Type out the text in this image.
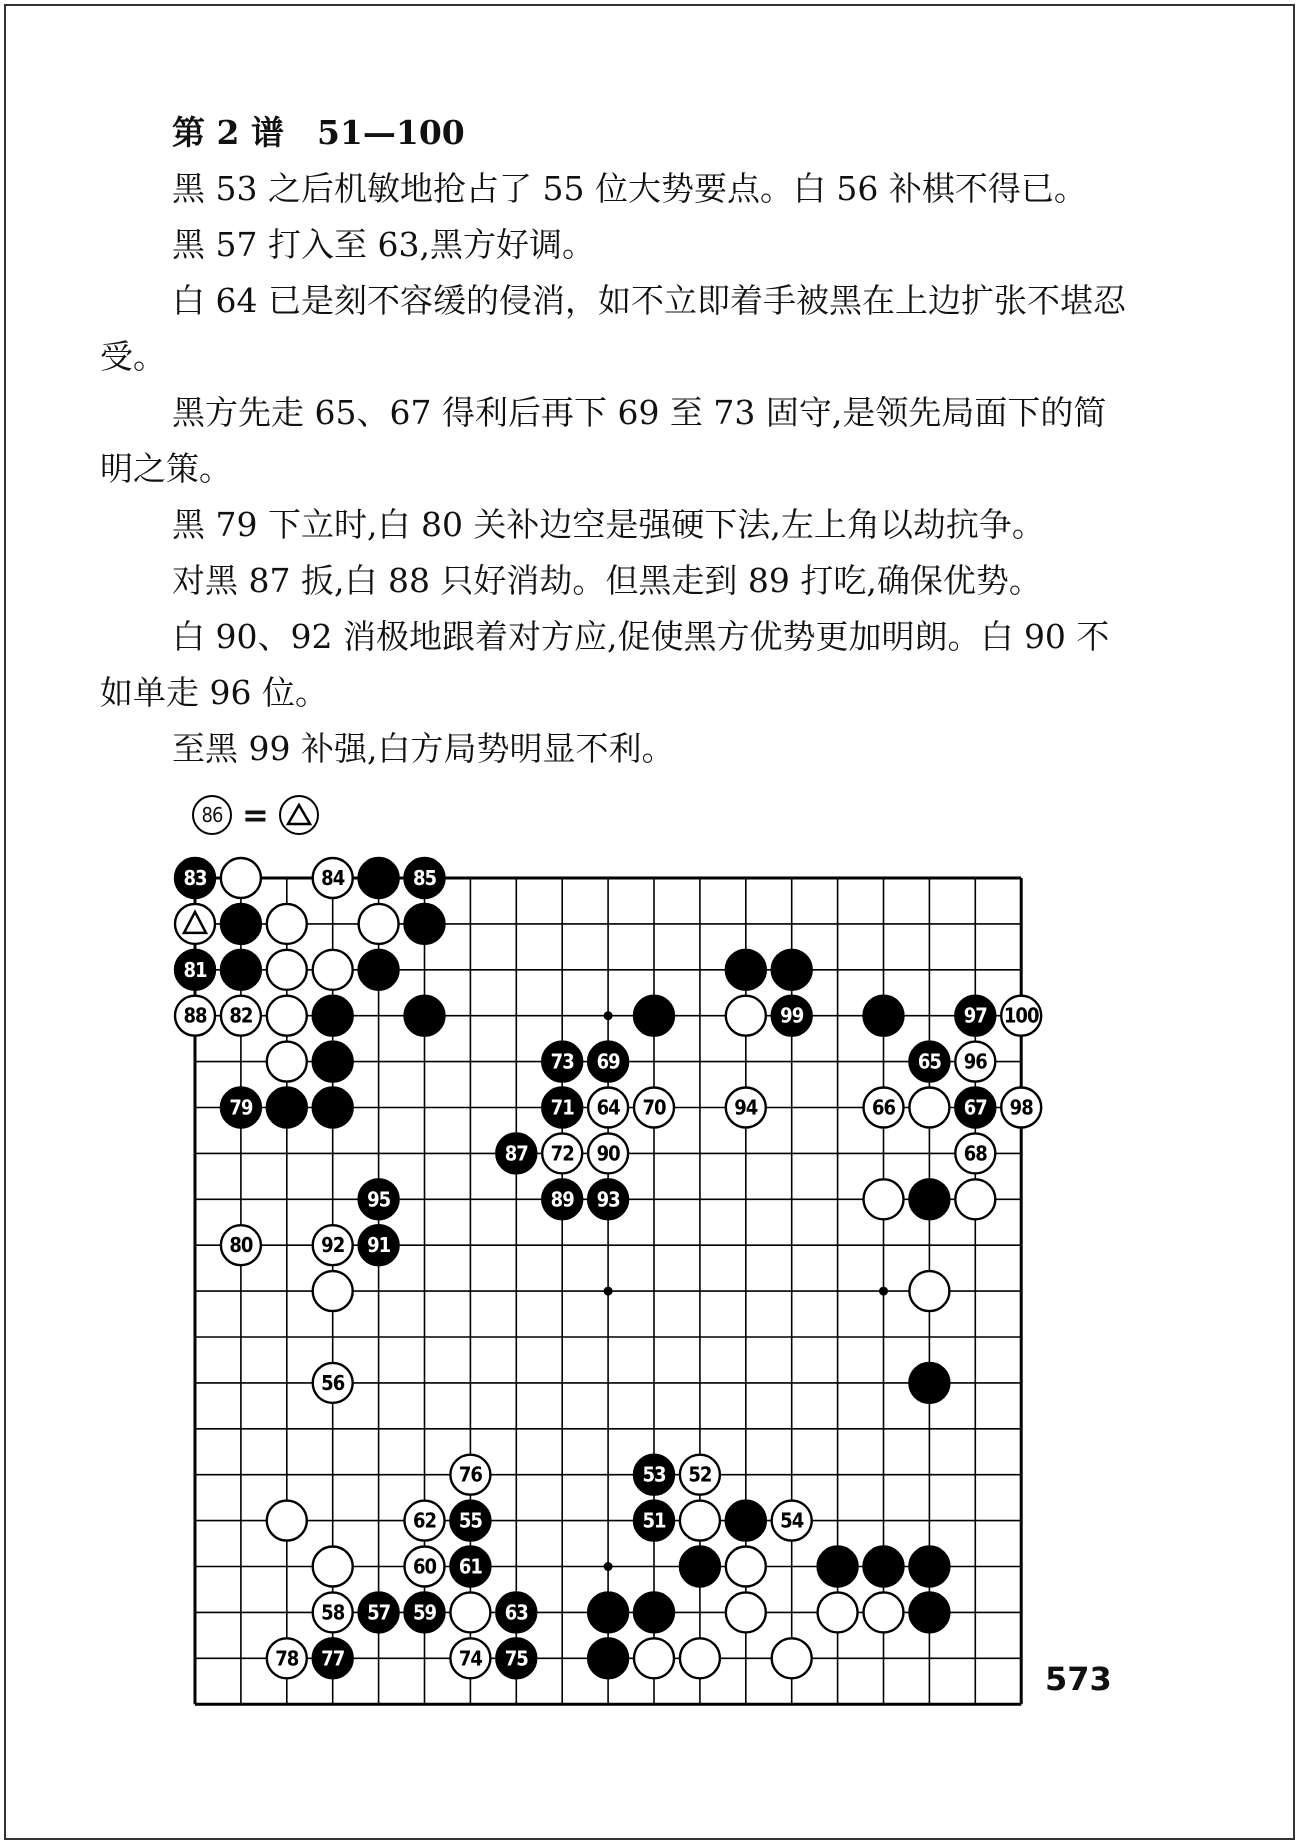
第 2 谱　51—100

黑 53 之后机敏地抢占了 55 位大势要点。白 56 补棋不得已。

黑 57 打入至 63,黑方好调。

白 64 已是刻不容缓的侵消，如不立即着手被黑在上边扩张不堪忍受。

黑方先走 65、67 得利后再下 69 至 73 固守,是领先局面下的简明之策。

黑 79 下立时,白 80 关补边空是强硬下法,左上角以劫抗争。

对黑 87 扳,白 88 只好消劫。但黑走到 89 打吃,确保优势。

白 90、92 消极地跟着对方应,促使黑方优势更加明朗。白 90 不如单走 96 位。

至黑 99 补强,白方局势明显不利。

86 =
83	84	85
81
88 82	99	97 100
73 69	65 96
79	71 64 70	94	66	67 98
87 72 90	68
95	89 93
80	92 91
56
76	53 52
62 55	51	54
60 61
58 57 59	63
78 77	74 75
573
